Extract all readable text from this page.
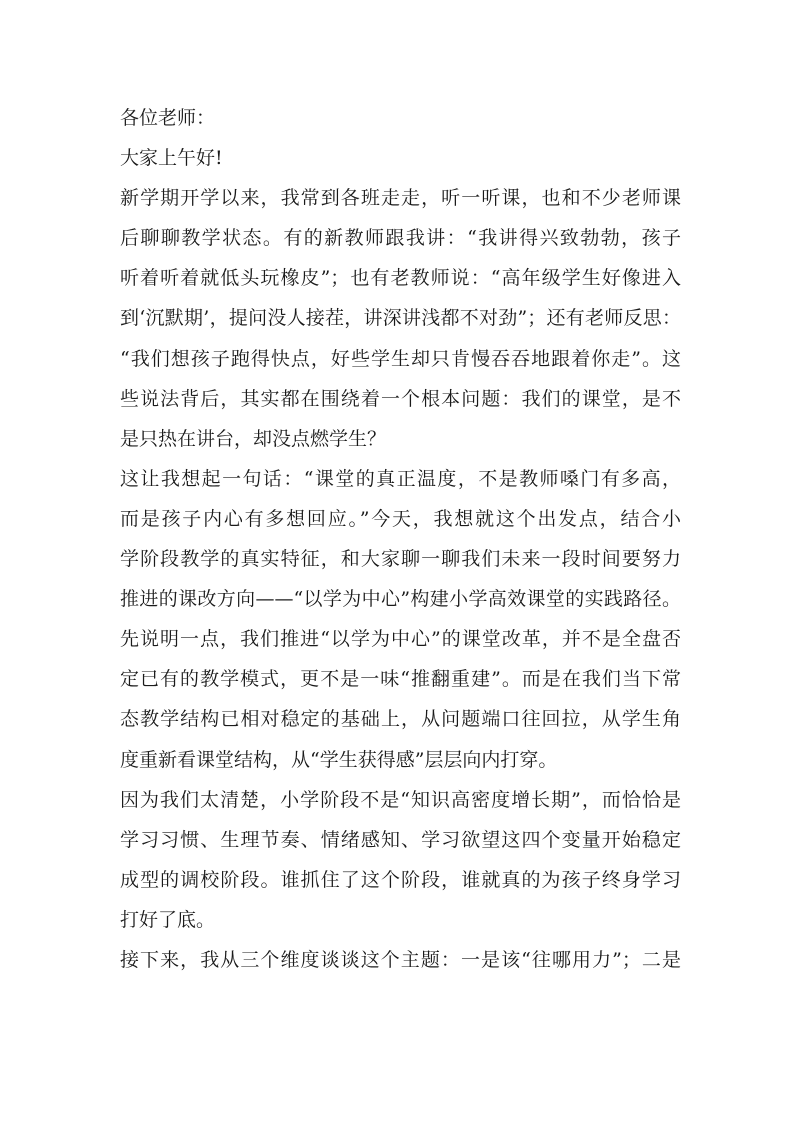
各位老师：
大家上午好!
新学期开学以来，我常到各班走走，听一听课，也和不少老师课
后聊聊教学状态。有的新教师跟我讲：“我讲得兴致勃勃，孩子
听着听着就低头玩橡皮”；也有老教师说：“高年级学生好像进入
到‘沉默期’，提问没人接茬，讲深讲浅都不对劲”；还有老师反思：
“我们想孩子跑得快点，好些学生却只肯慢吞吞地跟着你走”。这
些说法背后，其实都在围绕着一个根本问题：我们的课堂，是不
是只热在讲台，却没点燃学生？
这让我想起一句话：“课堂的真正温度，不是教师嗓门有多高，
而是孩子内心有多想回应。”今天，我想就这个出发点，结合小
学阶段教学的真实特征，和大家聊一聊我们未来一段时间要努力
推进的课改方向——“以学为中心”构建小学高效课堂的实践路径。
先说明一点，我们推进“以学为中心”的课堂改革，并不是全盘否
定已有的教学模式，更不是一味“推翻重建”。而是在我们当下常
态教学结构已相对稳定的基础上，从问题端口往回拉，从学生角
度重新看课堂结构，从“学生获得感”层层向内打穿。
因为我们太清楚，小学阶段不是“知识高密度增长期”，而恰恰是
学习习惯、生理节奏、情绪感知、学习欲望这四个变量开始稳定
成型的调校阶段。谁抓住了这个阶段，谁就真的为孩子终身学习
打好了底。
接下来，我从三个维度谈谈这个主题：一是该“往哪用力”；二是
